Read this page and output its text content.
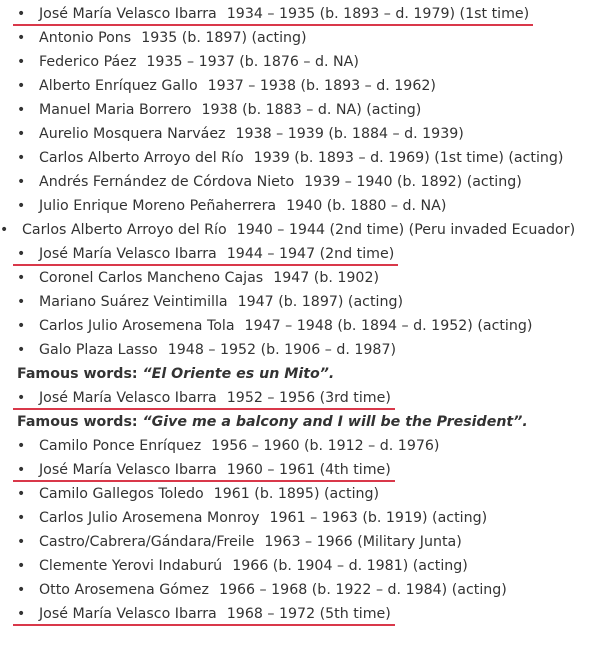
• José María Velasco Ibarra 1934 – 1935 (b. 1893 – d. 1979) (1st time)
• Antonio Pons 1935 (b. 1897) (acting)
• Federico Páez 1935 – 1937 (b. 1876 – d. NA)
• Alberto Enríquez Gallo 1937 – 1938 (b. 1893 – d. 1962)
• Manuel Maria Borrero 1938 (b. 1883 – d. NA) (acting)
• Aurelio Mosquera Narváez 1938 – 1939 (b. 1884 – d. 1939)
• Carlos Alberto Arroyo del Río 1939 (b. 1893 – d. 1969) (1st time) (acting)
• Andrés Fernández de Córdova Nieto 1939 – 1940 (b. 1892) (acting)
• Julio Enrique Moreno Peñaherrera 1940 (b. 1880 – d. NA)
• Carlos Alberto Arroyo del Río 1940 – 1944 (2nd time) (Peru invaded Ecuador)
• José María Velasco Ibarra 1944 – 1947 (2nd time)
• Coronel Carlos Mancheno Cajas 1947 (b. 1902)
• Mariano Suárez Veintimilla 1947 (b. 1897) (acting)
• Carlos Julio Arosemena Tola 1947 – 1948 (b. 1894 – d. 1952) (acting)
• Galo Plaza Lasso 1948 – 1952 (b. 1906 – d. 1987)
Famous words: “El Oriente es un Mito”.
• José María Velasco Ibarra 1952 – 1956 (3rd time)
Famous words: “Give me a balcony and I will be the President”.
• Camilo Ponce Enríquez 1956 – 1960 (b. 1912 – d. 1976)
• José María Velasco Ibarra 1960 – 1961 (4th time)
• Camilo Gallegos Toledo 1961 (b. 1895) (acting)
• Carlos Julio Arosemena Monroy 1961 – 1963 (b. 1919) (acting)
• Castro/Cabrera/Gándara/Freile 1963 – 1966 (Military Junta)
• Clemente Yerovi Indaburú 1966 (b. 1904 – d. 1981) (acting)
• Otto Arosemena Gómez 1966 – 1968 (b. 1922 – d. 1984) (acting)
• José María Velasco Ibarra 1968 – 1972 (5th time)
